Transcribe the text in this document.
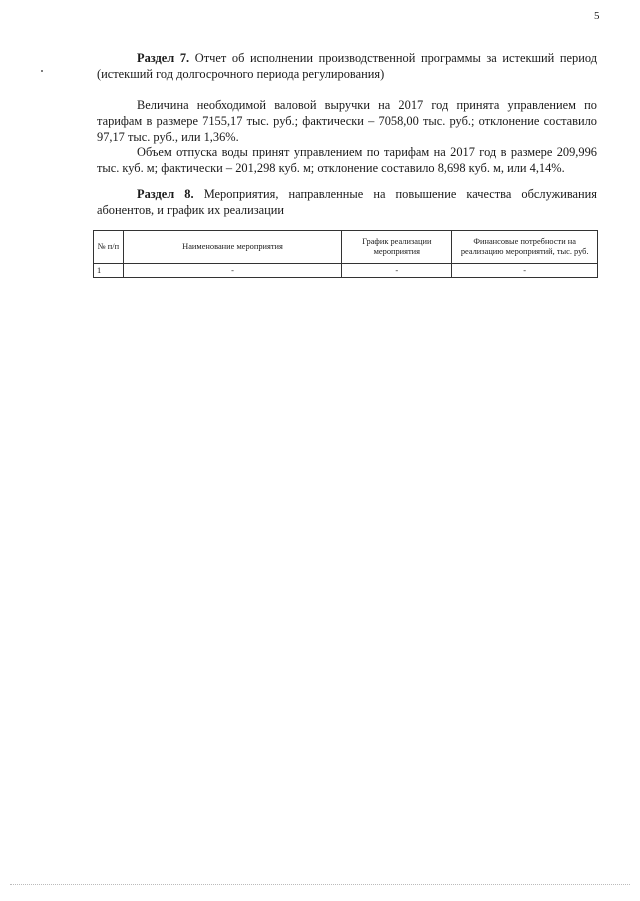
5
Раздел 7. Отчет об исполнении производственной программы за истекший период (истекший год долгосрочного периода регулирования)
Величина необходимой валовой выручки на 2017 год принята управлением по тарифам в размере 7155,17 тыс. руб.; фактически – 7058,00 тыс. руб.; отклонение составило 97,17 тыс. руб., или 1,36%.
Объем отпуска воды принят управлением по тарифам на 2017 год в размере 209,996 тыс. куб. м; фактически – 201,298 куб. м; отклонение составило 8,698 куб. м, или 4,14%.
Раздел 8. Мероприятия, направленные на повышение качества обслуживания абонентов, и график их реализации
№ п/п	Наименование мероприятия	График реализации мероприятия	Финансовые потребности на реализацию мероприятий, тыс. руб.
1	-	-	-
